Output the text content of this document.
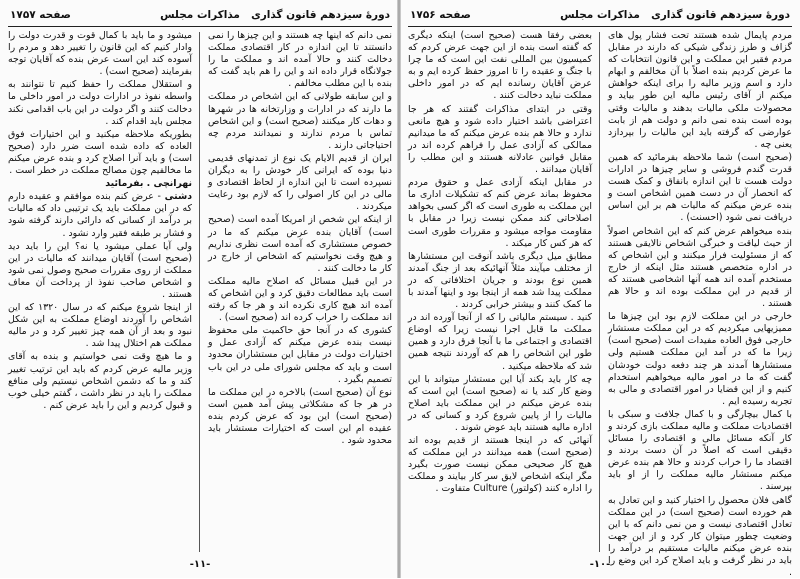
دورهٔ سیزدهم قانون گذاری
مذاکرات مجلس
صفحه ۱۷۵۷

نمی دانم که اینها چه هستند و این چیزها را نمی دانستند تا این اندازه در کار اقتصادی مملکت دخالت کنند و حالا آمده اند و مملکت ما را جولانگاه قرار داده اند و این را هم باید گفت که بنده با این مطلب مخالفم .

و این سابقه طولانی که این اشخاص در مملکت ما دارند که در ادارات و وزارتخانه ها در شهرها و دهات کار میکنند (صحیح است) و این اشخاص تماس با مردم ندارند و نمیدانند مردم چه احتیاجاتی دارند .

ایران از قدیم الایام یک نوع از تمدنهای قدیمی دنیا بوده که ایرانی کار خودش را به دیگران نسپرده است تا این اندازه از لحاظ اقتصادی و مالی در این کار اصولی را که لازم بود رعایت میکردند .

از اینکه این شخص از امریکا آمده است (صحیح است) آقایان بنده عرض میکنم که ما در خصوص مستشاری که آمده است نظری نداریم و هیچ وقت نخواستیم که اشخاص از خارج در کار ما دخالت کنند .

در این قبیل مسائل که اصلاح مالیه مملکت است باید مطالعات دقیق کرد و این اشخاص که آمده اند هیچ کاری نکرده اند و هر جا که رفته اند مملکت را خراب کرده اند (صحیح است) .

کشوری که در آنجا حق حاکمیت ملی محفوظ نیست بنده عرض میکنم که آزادی عمل و اختیارات دولت در مقابل این مستشاران محدود است و باید که مجلس شورای ملی در این باب تصمیم بگیرد .

نوع آن (صحیح است) بالاخره در این مملکت ما در هر جا که مشکلاتی پیش آمد همین است (صحیح است) این بود که عرض کردم بنده عقیده ام این است که اختیارات مستشار باید محدود شود .

میشود و ما باید با کمال قوت و قدرت دولت را وادار کنیم که این قانون را تغییر دهد و مردم را آسوده کند این است عرض بنده که آقایان توجه بفرمایند (صحیح است) .

و استقلال مملکت را حفظ کنیم تا نتوانند به واسطه نفوذ در ادارات دولت در امور داخلی ما دخالت کنند و اگر دولت در این باب اقدامی نکند مجلس باید اقدام کند .

بطوریکه ملاحظه میکنید و این اختیارات فوق العاده که داده شده است ضرر دارد (صحیح است) و باید آنرا اصلاح کرد و بنده عرض میکنم ما مخالفیم چون مصالح مملکت در خطر است .

نهرانچی . بفرمائید

دشتی - عرض کنم بنده موافقم و عقیده دارم که در این مملکت باید یک ترتیبی داد که مالیات بر درآمد از کسانی که دارائی دارند گرفته شود و فشار بر طبقه فقیر وارد نشود .

ولی آیا عملی میشود یا نه؟ این را باید دید (صحیح است) آقایان میدانند که مالیات در این مملکت از روی مقررات صحیح وصول نمی شود و اشخاص صاحب نفوذ از پرداخت آن معاف هستند .

از اینجا شروع میکنم که در سال ۱۳۲۰ که این اشخاص را آوردند اوضاع مملکت به این شکل نبود و بعد از آن همه چیز تغییر کرد و در مالیه مملکت هم اختلال پیدا شد .

و ما هیچ وقت نمی خواستیم و بنده به آقای وزیر مالیه عرض کردم که باید این ترتیب تغییر کند و ما که دشمن اشخاص نیستیم ولی منافع مملکت را باید در نظر داشت ، گفتم خیلی خوب و قبول کردیم و این را باید عرض کنم .

-۱۱-
دورهٔ سیزدهم قانون گذاری
مذاکرات مجلس
صفحه ۱۷۵۶

مردم پایمال شده هستند تحت فشار پول های گزاف و طرز زندگی شیکی که دارند در مقابل مردم فقیر این مملکت و این قانون انتخابات که ما عرض کردیم بنده اصلاً با آن مخالفم و ابهام دارد و اسم وزیر مالیه را برای اینکه خواهش میکنم از آقای رئیس مالیه این طور بیاید و محصولات ملکی مالیات بدهند و مالیات وقتی بوده است بنده نمی دانم و دولت هم از بابت عوارضی که گرفته باید این مالیات را بپردازد یعنی چه .

(صحیح است) شما ملاحظه بفرمائید که همین قدرت گندم فروشی و سایر چیزها در ادارات دولت هست تا این اندازه بانفاق و کمک هست که انحصار آن در دست همین اشخاص است و بنده عرض میکنم که مالیات هم بر این اساس دریافت نمی شود (احسنت) .

بنده میخواهم عرض کنم که این اشخاص اصولاً از حیث لیاقت و خبرگی اشخاص نالایقی هستند که از مسئولیت فرار میکنند و این اشخاص که در اداره متخصص هستند مثل اینکه از خارج مستخدم آمده اند همه آنها اشخاصی هستند که از قدیم در این مملکت بوده اند و حالا هم هستند .

خارجی در این مملکت لازم بود این چیزها ما ممیزیهایی میکردیم که در این مملکت مستشار خارجی فوق العاده مفیدات است (صحیح است) زیرا ما که در آمد این مملکت هستیم ولی مستشارها آمدند هر چند دفعه دولت خودشان گفت که ما در امور مالیه میخواهیم استخدام کنیم و از این قضایا در امور اقتصادی و مالی به تجربه رسیده ایم .

با کمال بیچارگی و با کمال جلافت و سبکی با اقتصادیات مملکت و مالیه مملکت بازی کردند و کار آنکه مسائل مالی و اقتصادی را مسائل دقیقی است که اصلاً در آن دست بردند و اقتصاد ما را خراب کردند و حالا هم بنده عرض میکنم مستشار مالیه مملکت را از او باید بپرسند .

گاهی فلان محصول را اختیار کنید و این تعادل به هم خورده است (صحیح است) در این مملکت تعادل اقتصادی نیست و من نمی دانم که با این وضعیت چطور میتوان کار کرد و از این جهت بنده عرض میکنم مالیات مستقیم بر درآمد را باید در نظر گرفت و باید اصلاح کرد این وضع را .

بعضی رفقا هست (صحیح است) اینکه دیگری که گفته است بنده از این جهت عرض کردم که کمیسیون بین المللی نفت این است که ما چرا با جنگ و عقیده را تا امروز حفظ کرده ایم و به عرض آقایان رسانده ایم که در امور داخلی مملکت نباید دخالت کنند .

وقتی در ابتدای مذاکرات گفتند که هر جا اعتراضی باشد اختیار داده شود و هیچ مانعی ندارد و حالا هم بنده عرض میکنم که ما میدانیم ممالکی که آزادی عمل را فراهم کرده اند در مقابل قوانین عادلانه هستند و این مطلب را آقایان میدانند .

در مقابل اینکه آزادی عمل و حقوق مردم محفوظ بماند عرض کنم که تشکیلات اداری ما این مملکت به طوری است که اگر کسی بخواهد اصلاحاتی کند ممکن نیست زیرا در مقابل با مقاومت مواجه میشود و مقررات طوری است که هر کس کار میکند .

مطابق میل دیگری باشد آنوقت این مستشارها از مختلف میآیند مثلاً آنهائیکه بعد از جنگ آمدند همین نوع بودند و جریان اختلافاتی که در مملکت پیدا شد همه از اینجا بود و اینها آمدند با ما کمک کنند و بیشتر خرابی کردند .

کنید . سیستم مالیاتی را که از آنجا آورده اند در مملکت ما قابل اجرا نیست زیرا که اوضاع اقتصادی و اجتماعی ما با آنجا فرق دارد و همین طور این اشخاص را هم که آوردند نتیجه همین شد که ملاحظه میکنید .

چه کار باید بکند آیا این مستشار میتواند با این وضع کار کند یا نه (صحیح است) این است که بنده عرض میکنم در این مملکت باید اصلاح مالیات را از پایین شروع کرد و کسانی که در اداره مالیه هستند باید عوض شوند .

آنهائی که در اینجا هستند از قدیم بوده اند (صحیح است) همه میدانند در این مملکت که هیچ کار صحیحی ممکن نیست صورت بگیرد مگر اینکه اشخاص لایق سر کار بیایند و مملکت را اداره کنند (کولتور) Culture متفاوت .

-۱۰-
